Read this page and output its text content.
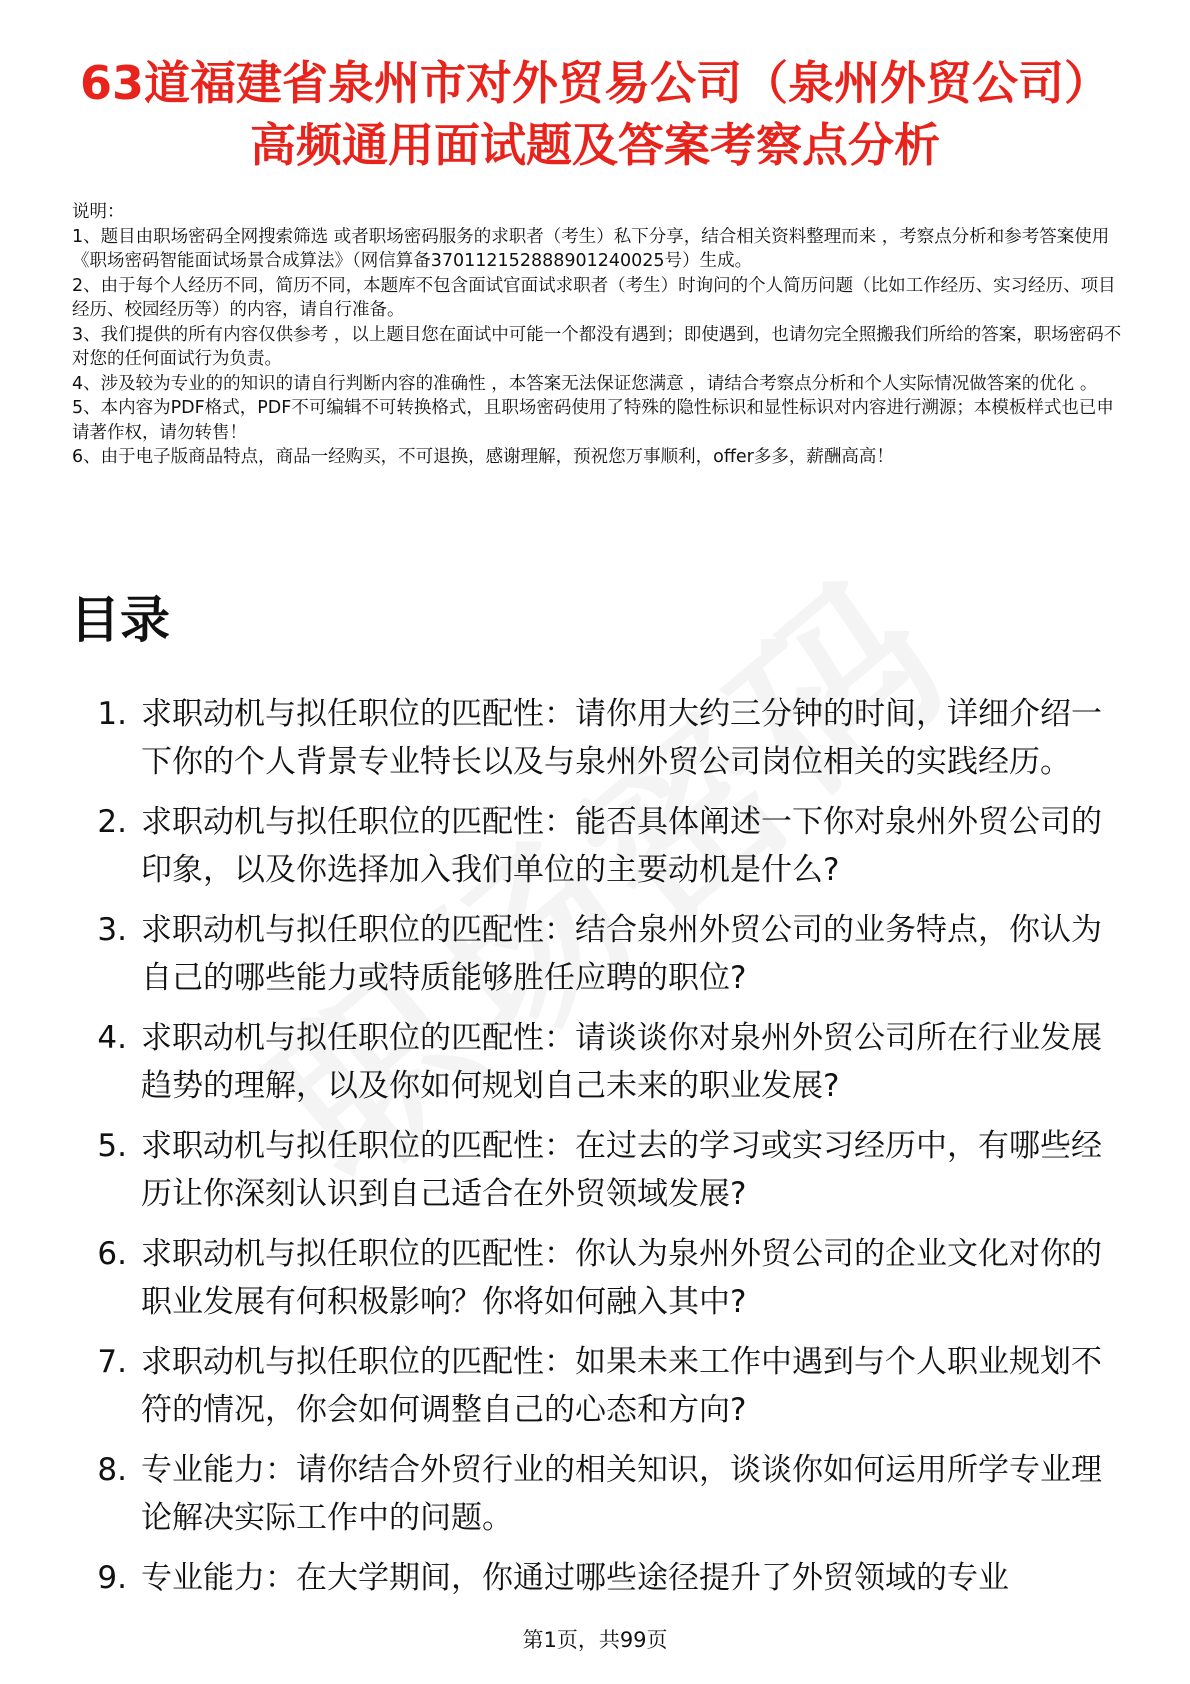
63道福建省泉州市对外贸易公司（泉州外贸公司）高频通用面试题及答案考察点分析

说明：

1、题目由职场密码全网搜索筛选 或者职场密码服务的求职者（考生）私下分享，结合相关资料整理而来 ，考察点分析和参考答案使用《职场密码智能面试场景合成算法》（网信算备370112152888901240025号）生成。

2、由于每个人经历不同，简历不同，本题库不包含面试官面试求职者（考生）时询问的个人简历问题（比如工作经历、实习经历、项目经历、校园经历等）的内容，请自行准备。

3、我们提供的所有内容仅供参考 ，以上题目您在面试中可能一个都没有遇到；即使遇到，也请勿完全照搬我们所给的答案，职场密码不对您的任何面试行为负责。

4、涉及较为专业的的知识的请自行判断内容的准确性 ，本答案无法保证您满意 ，请结合考察点分析和个人实际情况做答案的优化 。

5、本内容为PDF格式，PDF不可编辑不可转换格式，且职场密码使用了特殊的隐性标识和显性标识对内容进行溯源；本模板样式也已申请著作权，请勿转售！

6、由于电子版商品特点，商品一经购买，不可退换，感谢理解，预祝您万事顺利，offer多多，薪酬高高！

目录
1. 求职动机与拟任职位的匹配性：请你用大约三分钟的时间，详细介绍一下你的个人背景专业特长以及与泉州外贸公司岗位相关的实践经历。
2. 求职动机与拟任职位的匹配性：能否具体阐述一下你对泉州外贸公司的印象，以及你选择加入我们单位的主要动机是什么?
3. 求职动机与拟任职位的匹配性：结合泉州外贸公司的业务特点，你认为自己的哪些能力或特质能够胜任应聘的职位?
4. 求职动机与拟任职位的匹配性：请谈谈你对泉州外贸公司所在行业发展趋势的理解，以及你如何规划自己未来的职业发展?
5. 求职动机与拟任职位的匹配性：在过去的学习或实习经历中，有哪些经历让你深刻认识到自己适合在外贸领域发展?
6. 求职动机与拟任职位的匹配性：你认为泉州外贸公司的企业文化对你的职业发展有何积极影响？你将如何融入其中?
7. 求职动机与拟任职位的匹配性：如果未来工作中遇到与个人职业规划不符的情况，你会如何调整自己的心态和方向?
8. 专业能力：请你结合外贸行业的相关知识，谈谈你如何运用所学专业理论解决实际工作中的问题。
9. 专业能力：在大学期间，你通过哪些途径提升了外贸领域的专业
第1页，共99页
